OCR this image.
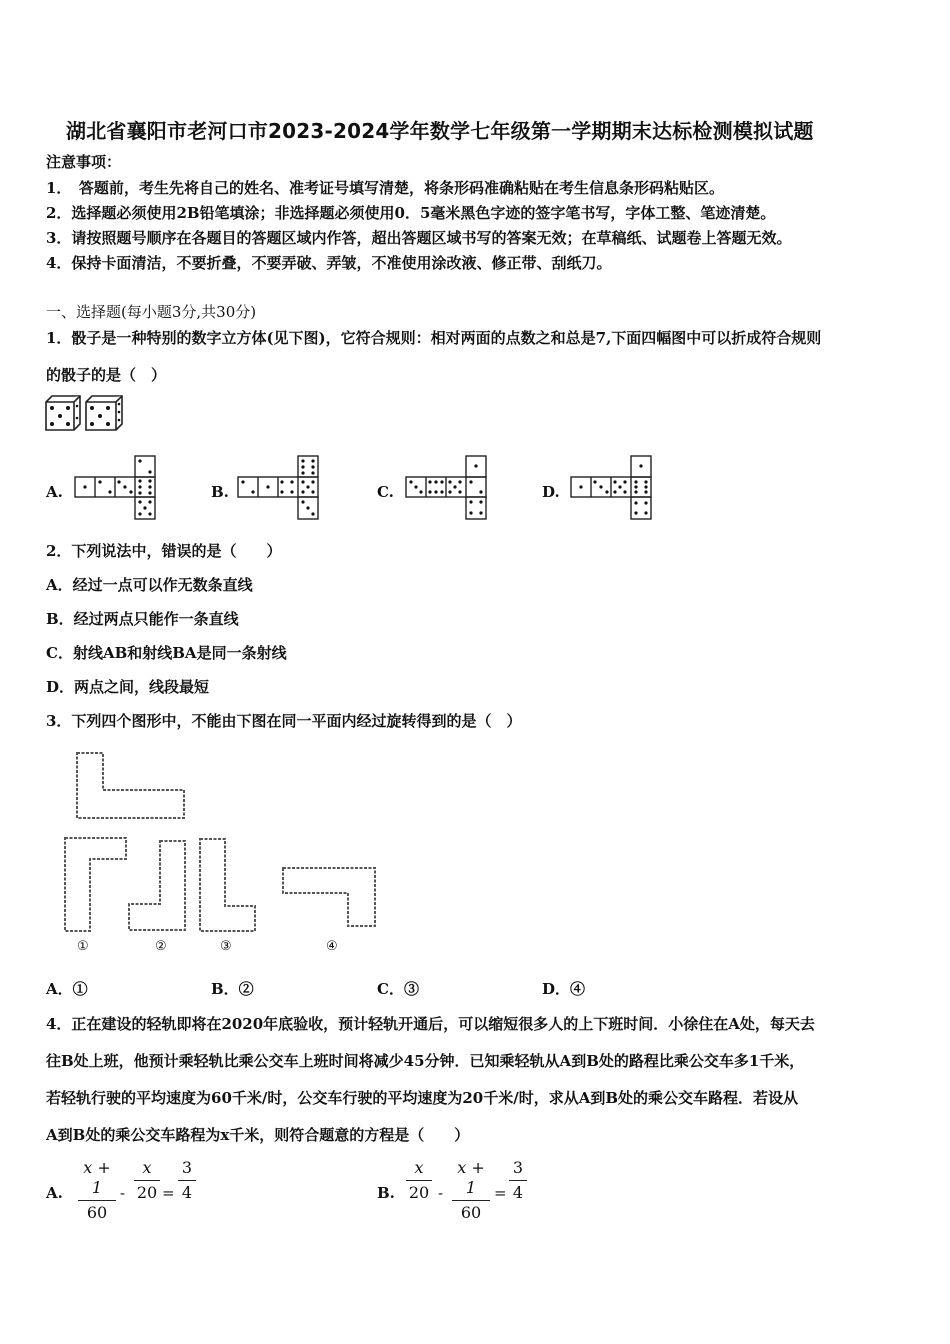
湖北省襄阳市老河口市2023-2024学年数学七年级第一学期期末达标检测模拟试题
注意事项：
1．　答题前，考生先将自己的姓名、准考证号填写清楚，将条形码准确粘贴在考生信息条形码粘贴区。
2．选择题必须使用2B铅笔填涂；非选择题必须使用0．5毫米黑色字迹的签字笔书写，字体工整、笔迹清楚。
3．请按照题号顺序在各题目的答题区域内作答，超出答题区域书写的答案无效；在草稿纸、试题卷上答题无效。
4．保持卡面清洁，不要折叠，不要弄破、弄皱，不准使用涂改液、修正带、刮纸刀。
一、选择题(每小题3分,共30分)
1．骰子是一种特别的数字立方体(见下图)，它符合规则：相对两面的点数之和总是7,下面四幅图中可以折成符合规则
的骰子的是（　）
A.	B.	C.	D.
2．下列说法中，错误的是（　　）
A．经过一点可以作无数条直线
B．经过两点只能作一条直线
C．射线AB和射线BA是同一条射线
D．两点之间，线段最短
3．下列四个图形中，不能由下图在同一平面内经过旋转得到的是（　）
①	②	③	④
A．①	B．②	C．③	D．④
4．正在建设的轻轨即将在2020年底验收，预计轻轨开通后，可以缩短很多人的上下班时间．小徐住在A处，每天去
往B处上班，他预计乘轻轨比乘公交车上班时间将减少45分钟．已知乘轻轨从A到B处的路程比乘公交车多1千米，
若轻轨行驶的平均速度为60千米/时，公交车行驶的平均速度为20千米/时，求从A到B处的乘公交车路程．若设从
A到B处的乘公交车路程为x千米，则符合题意的方程是（　　）
A.
x + 1
60
-
x
20 =
3
4	B.
x
20 -
x + 1
60
=
3
4
